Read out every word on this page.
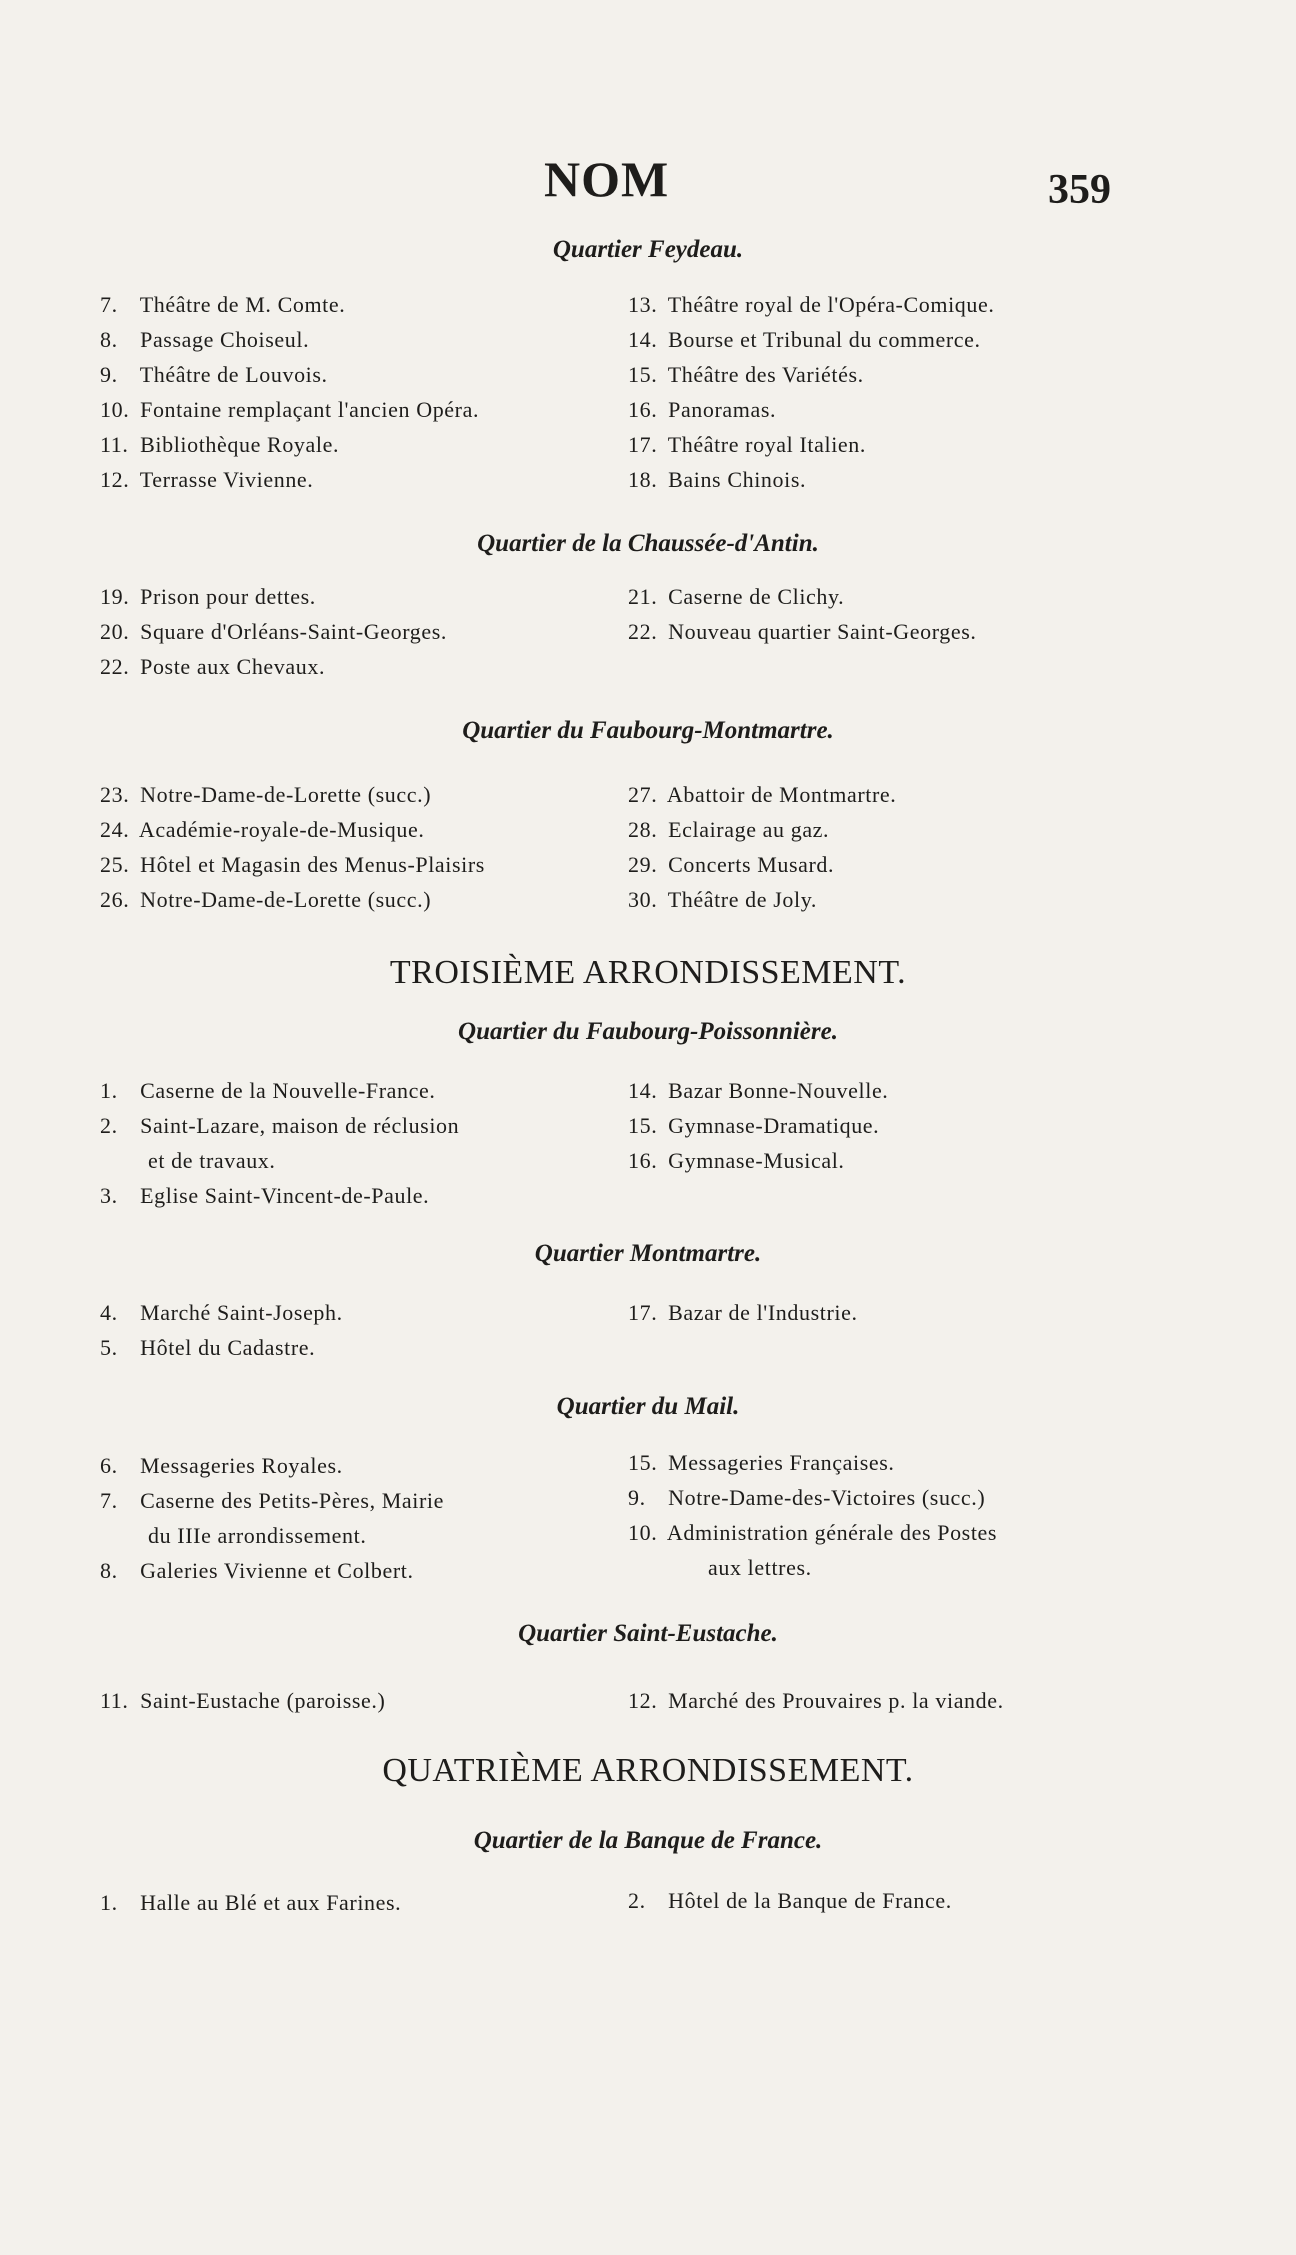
NOM	359
Quartier Feydeau.
7. Théâtre de M. Comte.
8. Passage Choiseul.
9. Théâtre de Louvois.
10. Fontaine remplaçant l'ancien Opéra.
11. Bibliothèque Royale.
12. Terrasse Vivienne.
13. Théâtre royal de l'Opéra-Comique.
14. Bourse et Tribunal du commerce.
15. Théâtre des Variétés.
16. Panoramas.
17. Théâtre royal Italien.
18. Bains Chinois.
Quartier de la Chaussée-d'Antin.
19. Prison pour dettes.
20. Square d'Orléans-Saint-Georges.
22. Poste aux Chevaux.
21. Caserne de Clichy.
22. Nouveau quartier Saint-Georges.
Quartier du Faubourg-Montmartre.
23. Notre-Dame-de-Lorette (succ.)
24. Académie-royale-de-Musique.
25. Hôtel et Magasin des Menus-Plaisirs
26. Notre-Dame-de-Lorette (succ.)
27. Abattoir de Montmartre.
28. Eclairage au gaz.
29. Concerts Musard.
30. Théâtre de Joly.
TROISIÈME ARRONDISSEMENT.
Quartier du Faubourg-Poissonnière.
1. Caserne de la Nouvelle-France.
2. Saint-Lazare, maison de réclusion
et de travaux.
3. Eglise Saint-Vincent-de-Paule.
14. Bazar Bonne-Nouvelle.
15. Gymnase-Dramatique.
16. Gymnase-Musical.
Quartier Montmartre.
4. Marché Saint-Joseph.
5. Hôtel du Cadastre.
17. Bazar de l'Industrie.
Quartier du Mail.
6. Messageries Royales.
7. Caserne des Petits-Pères, Mairie
du IIIe arrondissement.
8. Galeries Vivienne et Colbert.
15. Messageries Françaises.
9. Notre-Dame-des-Victoires (succ.)
10. Administration générale des Postes
aux lettres.
Quartier Saint-Eustache.
11. Saint-Eustache (paroisse.)	12. Marché des Prouvaires p. la viande.
QUATRIÈME ARRONDISSEMENT.
Quartier de la Banque de France.
1. Halle au Blé et aux Farines.	2. Hôtel de la Banque de France.
